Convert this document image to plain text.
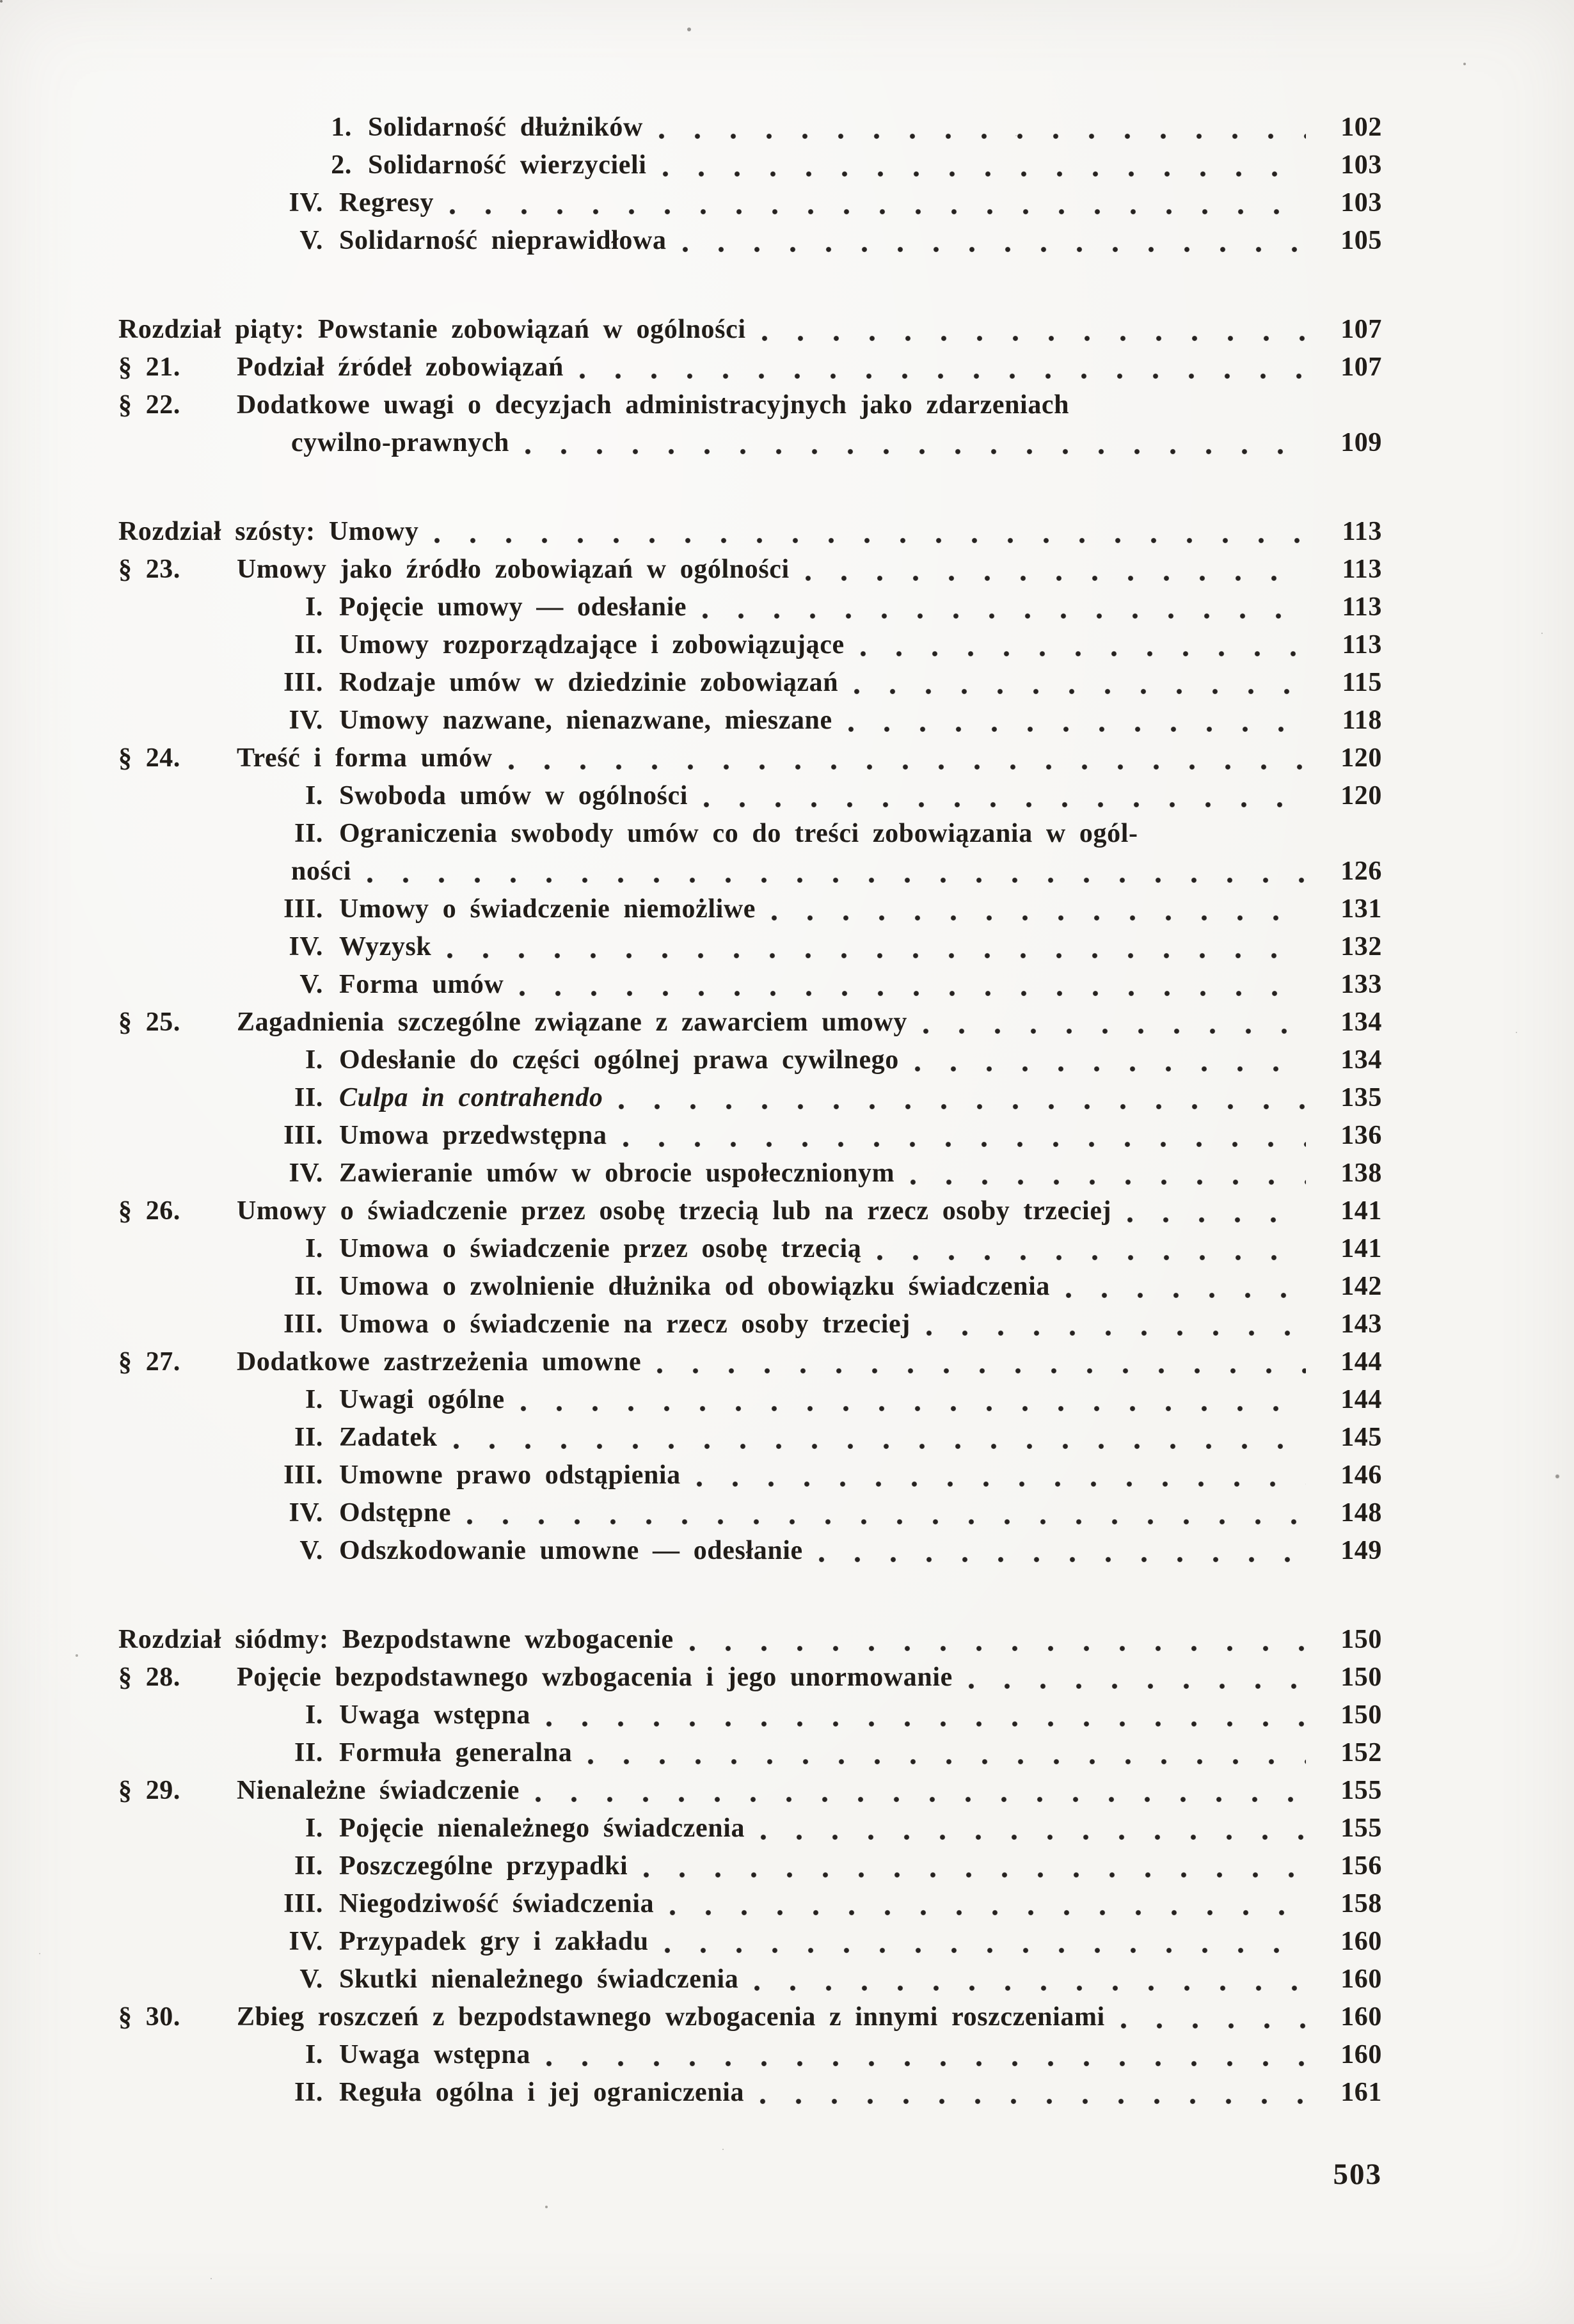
1. Solidarność dłużników	102
2. Solidarność wierzycieli	103
IV. Regresy	103
V. Solidarność nieprawidłowa	105
Rozdział piąty: Powstanie zobowiązań w ogólności	107
§ 21.	Podział źródeł zobowiązań	107
§ 22.	Dodatkowe uwagi o decyzjach administracyjnych jako zdarzeniach
cywilno-prawnych	109
Rozdział szósty: Umowy	113
§ 23.	Umowy jako źródło zobowiązań w ogólności	113
I. Pojęcie umowy — odesłanie	113
II. Umowy rozporządzające i zobowiązujące	113
III. Rodzaje umów w dziedzinie zobowiązań	115
IV. Umowy nazwane, nienazwane, mieszane	118
§ 24.	Treść i forma umów	120
I. Swoboda umów w ogólności	120
II. Ograniczenia swobody umów co do treści zobowiązania w ogól-
ności	126
III. Umowy o świadczenie niemożliwe	131
IV. Wyzysk	132
V. Forma umów	133
§ 25.	Zagadnienia szczególne związane z zawarciem umowy	134
I. Odesłanie do części ogólnej prawa cywilnego	134
II. Culpa in contrahendo	135
III. Umowa przedwstępna	136
IV. Zawieranie umów w obrocie uspołecznionym	138
§ 26.	Umowy o świadczenie przez osobę trzecią lub na rzecz osoby trzeciej	141
I. Umowa o świadczenie przez osobę trzecią	141
II. Umowa o zwolnienie dłużnika od obowiązku świadczenia	142
III. Umowa o świadczenie na rzecz osoby trzeciej	143
§ 27.	Dodatkowe zastrzeżenia umowne	144
I. Uwagi ogólne	144
II. Zadatek	145
III. Umowne prawo odstąpienia	146
IV. Odstępne	148
V. Odszkodowanie umowne — odesłanie	149
Rozdział siódmy: Bezpodstawne wzbogacenie	150
§ 28.	Pojęcie bezpodstawnego wzbogacenia i jego unormowanie	150
I. Uwaga wstępna	150
II. Formuła generalna	152
§ 29.	Nienależne świadczenie	155
I. Pojęcie nienależnego świadczenia	155
II. Poszczególne przypadki	156
III. Niegodziwość świadczenia	158
IV. Przypadek gry i zakładu	160
V. Skutki nienależnego świadczenia	160
§ 30.	Zbieg roszczeń z bezpodstawnego wzbogacenia z innymi roszczeniami	160
I. Uwaga wstępna	160
II. Reguła ogólna i jej ograniczenia	161
503
